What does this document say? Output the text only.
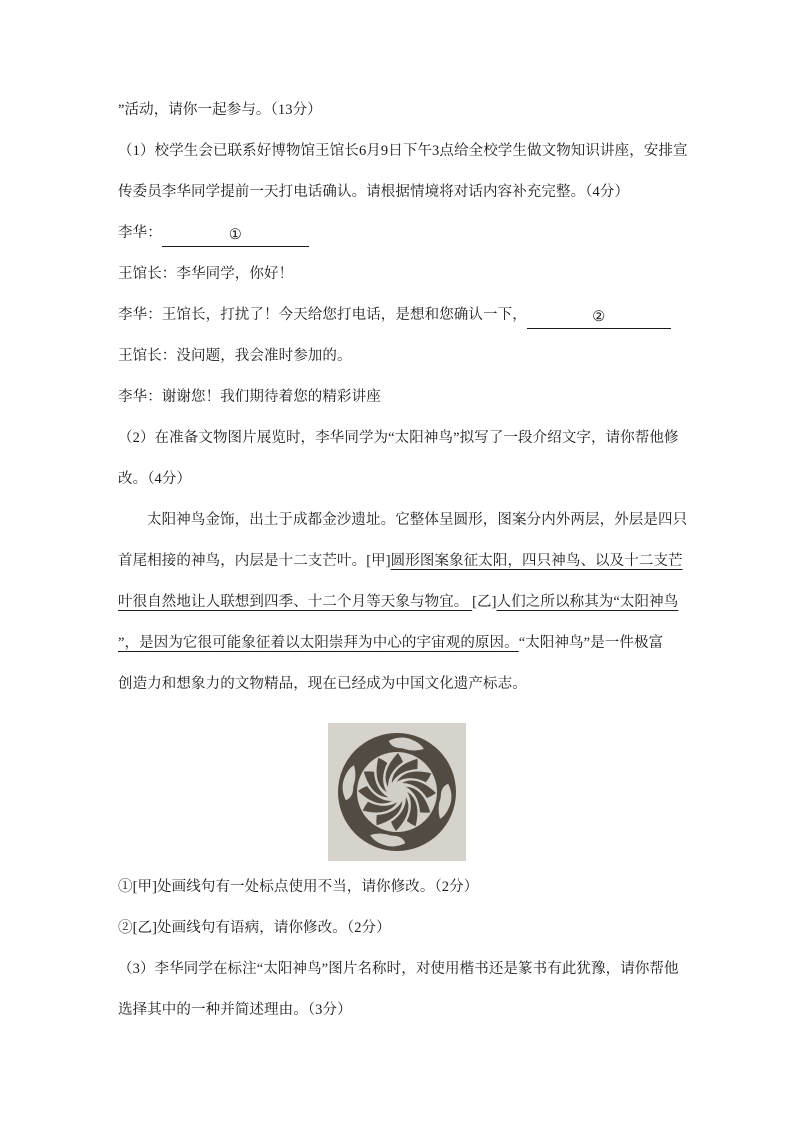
”活动，请你一起参与。（13分）
（1）校学生会已联系好博物馆王馆长6月9日下午3点给全校学生做文物知识讲座，安排宣
传委员李华同学提前一天打电话确认。请根据情境将对话内容补充完整。（4分）
李华：	①
王馆长：李华同学，你好！
李华：王馆长，打扰了！今天给您打电话，是想和您确认一下，	②
王馆长：没问题，我会准时参加的。
李华：谢谢您！我们期待着您的精彩讲座
（2）在准备文物图片展览时，李华同学为“太阳神鸟”拟写了一段介绍文字，请你帮他修
改。（4分）
太阳神鸟金饰，出土于成都金沙遗址。它整体呈圆形，图案分内外两层，外层是四只
首尾相接的神鸟，内层是十二支芒叶。[甲]圆形图案象征太阳，四只神鸟、以及十二支芒
叶很自然地让人联想到四季、十二个月等天象与物宜。 [乙]人们之所以称其为“太阳神鸟
”，是因为它很可能象征着以太阳崇拜为中心的宇宙观的原因。“太阳神鸟”是一件极富
创造力和想象力的文物精品，现在已经成为中国文化遗产标志。
①[甲]处画线句有一处标点使用不当，请你修改。（2分）
②[乙]处画线句有语病，请你修改。（2分）
（3）李华同学在标注“太阳神鸟”图片名称时，对使用楷书还是篆书有此犹豫，请你帮他
选择其中的一种并简述理由。（3分）
